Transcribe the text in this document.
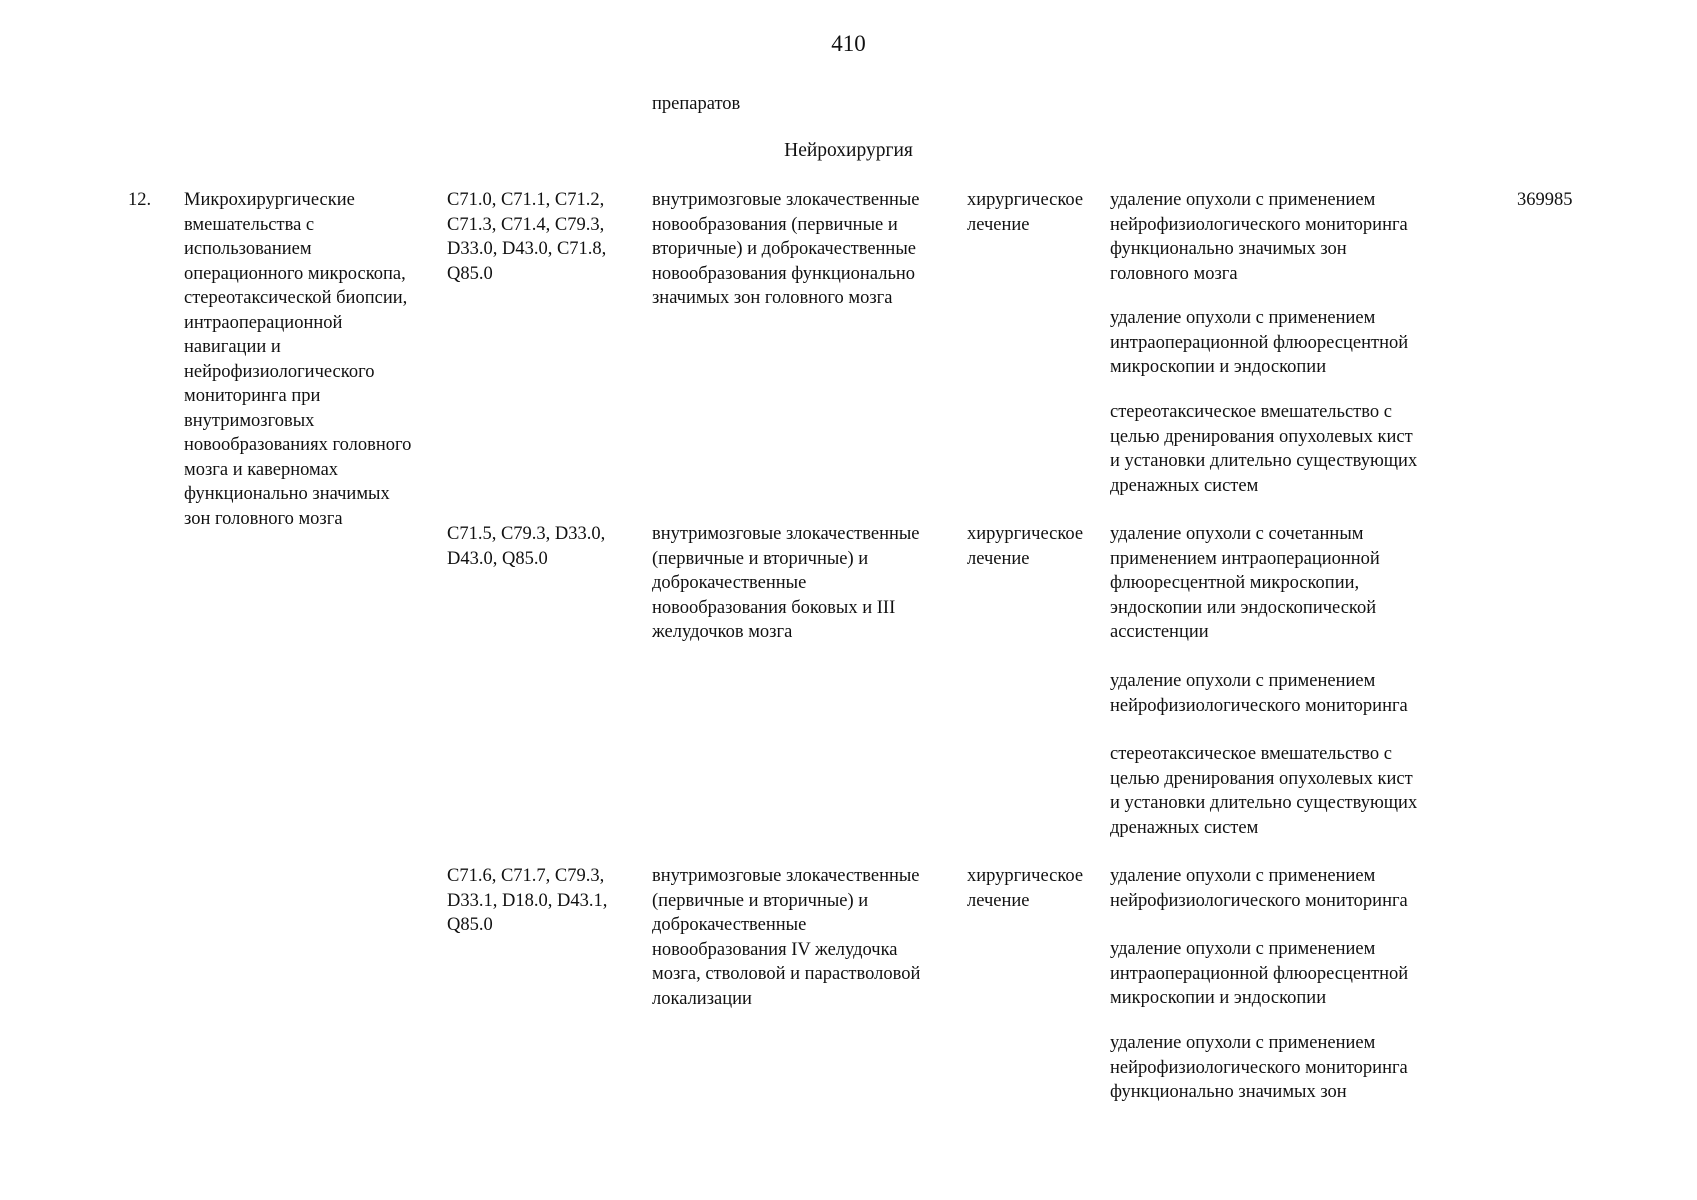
410
препаратов
Нейрохирургия
12. Микрохирургические
вмешательства с
использованием
операционного микроскопа,
стереотаксической биопсии,
интраоперационной
навигации и
нейрофизиологического
мониторинга при
внутримозговых
новообразованиях головного
мозга и каверномах
функционально значимых
зон головного мозга
369985
C71.0, C71.1, C71.2,
C71.3, C71.4, C79.3,
D33.0, D43.0, C71.8,
Q85.0
внутримозговые злокачественные
новообразования (первичные и
вторичные) и доброкачественные
новообразования функционально
значимых зон головного мозга
хирургическое
лечение
удаление опухоли с применением
нейрофизиологического мониторинга
функционально значимых зон
головного мозга
удаление опухоли с применением
интраоперационной флюоресцентной
микроскопии и эндоскопии
стереотаксическое вмешательство с
целью дренирования опухолевых кист
и установки длительно существующих
дренажных систем
C71.5, C79.3, D33.0,
D43.0, Q85.0
внутримозговые злокачественные
(первичные и вторичные) и
доброкачественные
новообразования боковых и III
желудочков мозга
хирургическое
лечение
удаление опухоли с сочетанным
применением интраоперационной
флюоресцентной микроскопии,
эндоскопии или эндоскопической
ассистенции
удаление опухоли с применением
нейрофизиологического мониторинга
стереотаксическое вмешательство с
целью дренирования опухолевых кист
и установки длительно существующих
дренажных систем
C71.6, C71.7, C79.3,
D33.1, D18.0, D43.1,
Q85.0
внутримозговые злокачественные
(первичные и вторичные) и
доброкачественные
новообразования IV желудочка
мозга, стволовой и парастволовой
локализации
хирургическое
лечение
удаление опухоли с применением
нейрофизиологического мониторинга
удаление опухоли с применением
интраоперационной флюоресцентной
микроскопии и эндоскопии
удаление опухоли с применением
нейрофизиологического мониторинга
функционально значимых зон
